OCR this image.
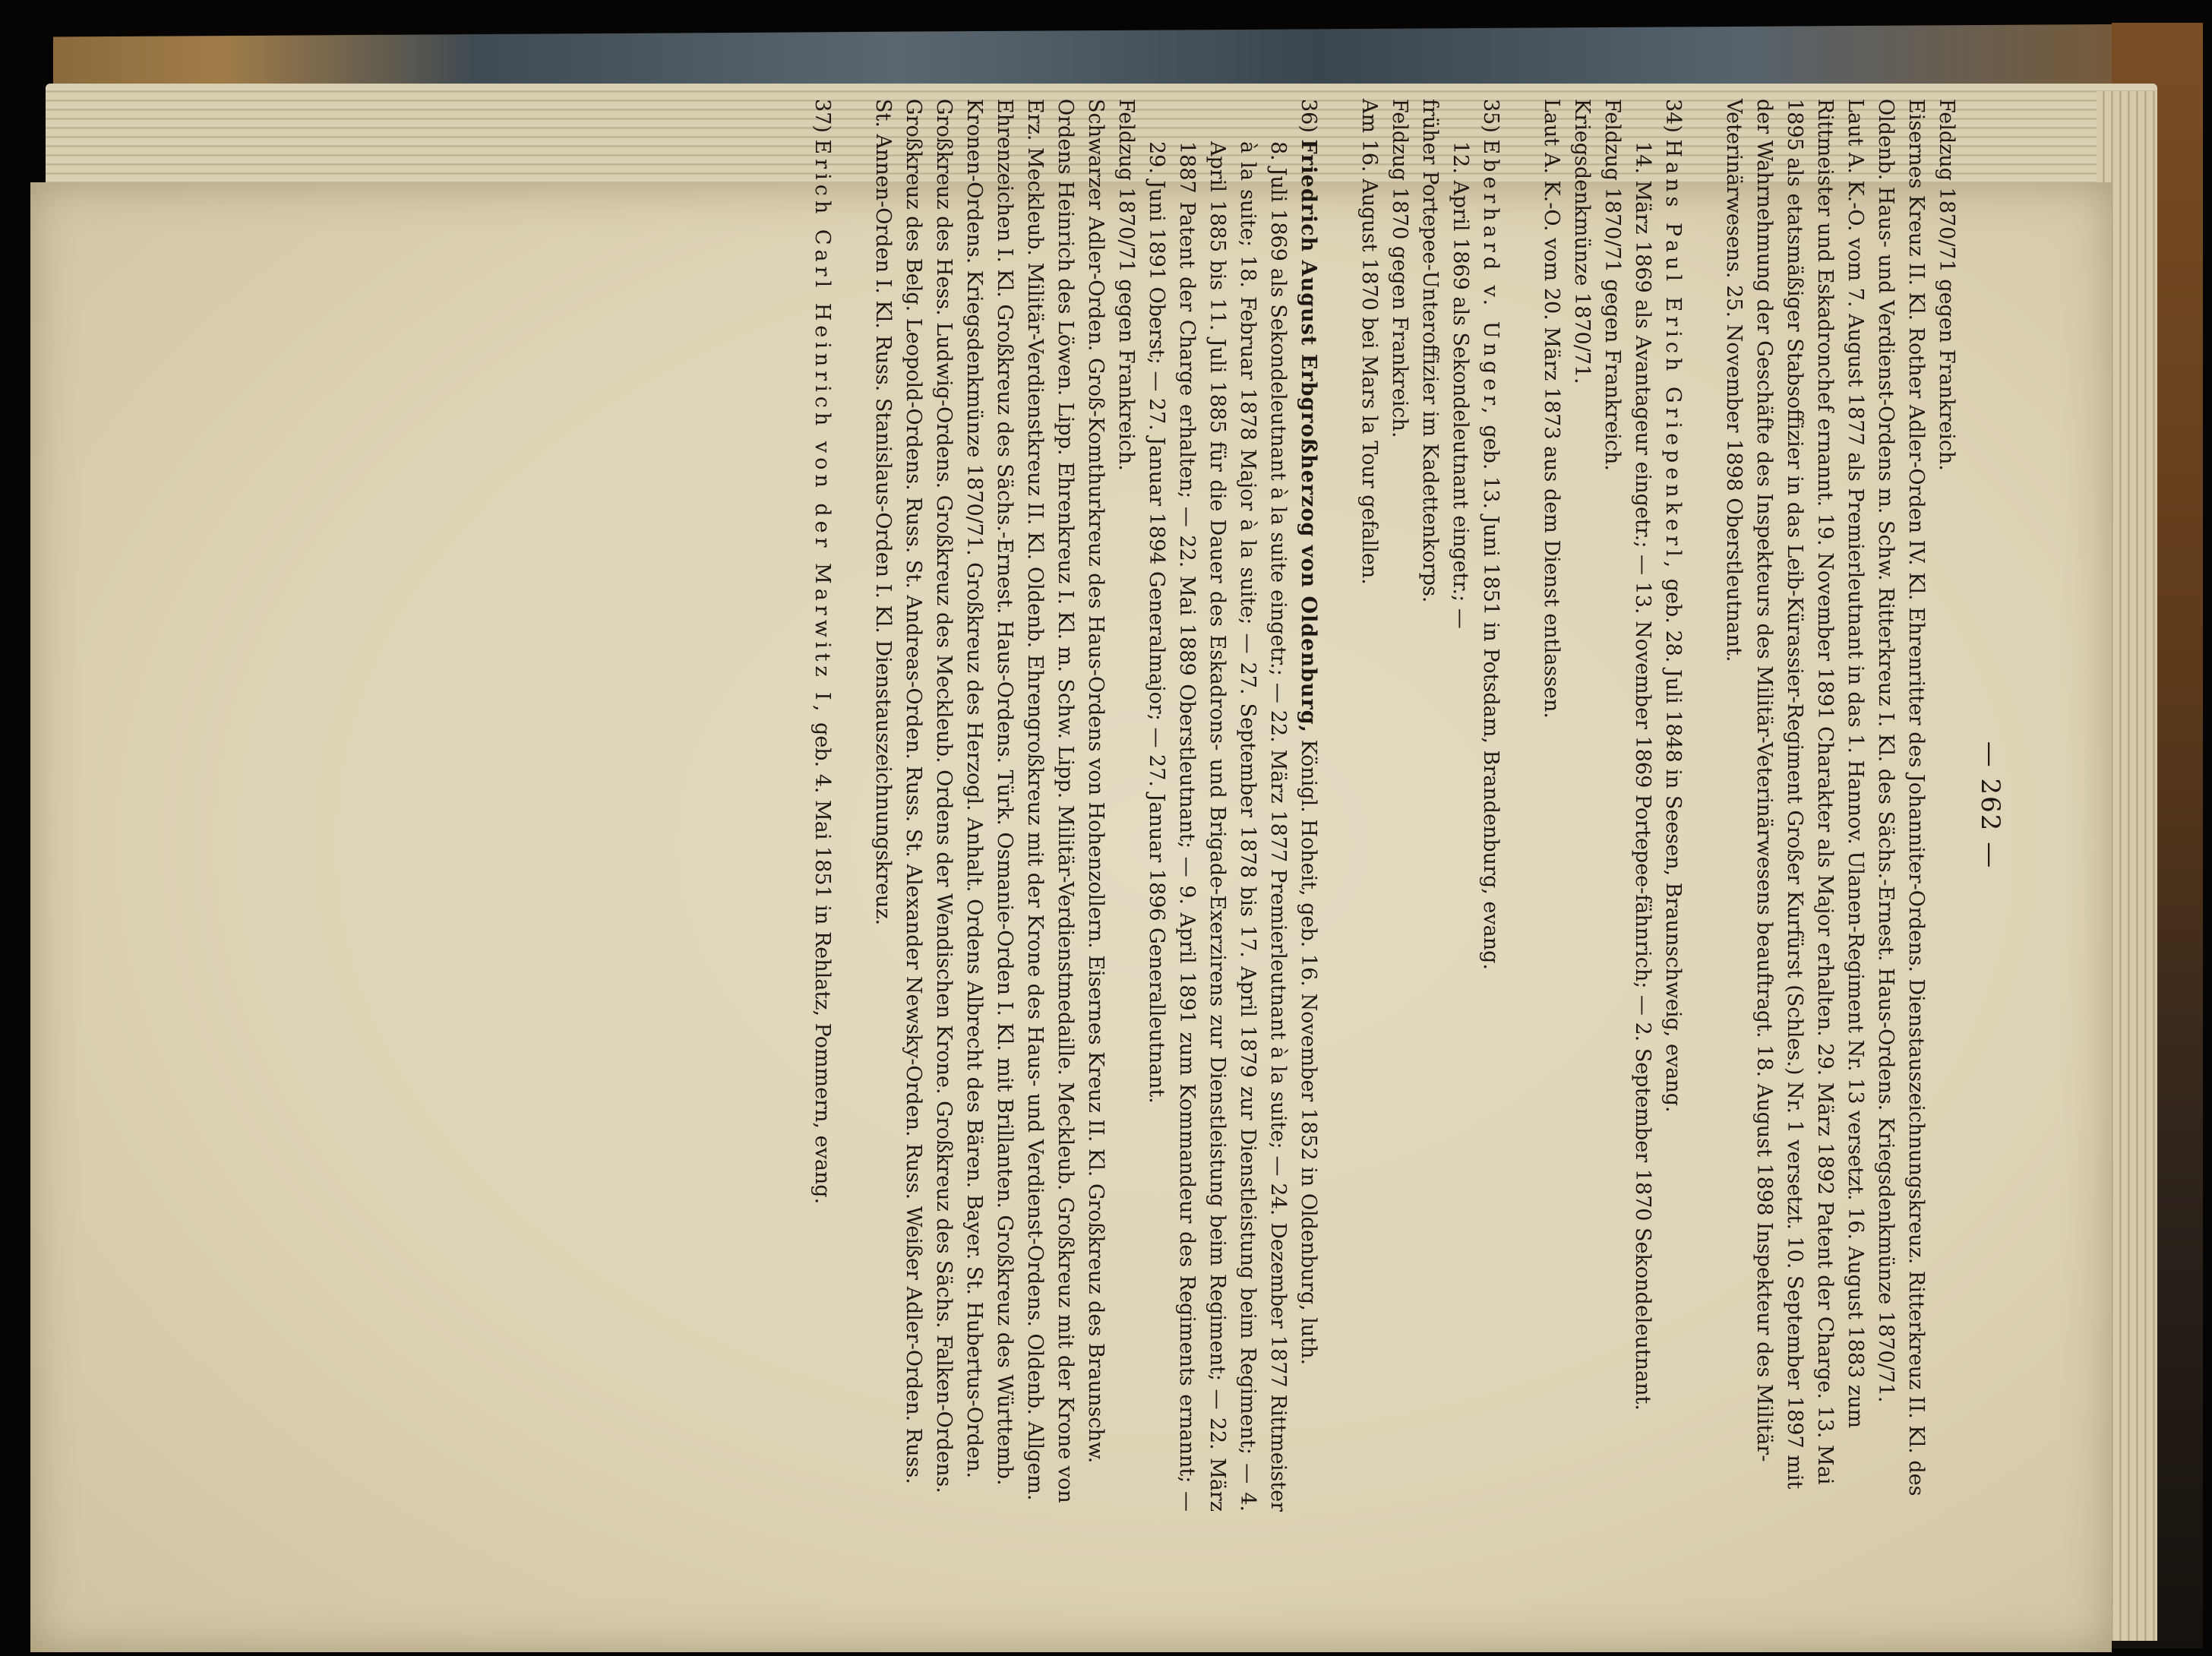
— 262 —

Feldzug 1870/71 gegen Frankreich.

Eisernes Kreuz II. Kl. Rother Adler-Orden IV. Kl. Ehrenritter des Johanniter-Ordens. Dienstauszeichnungskreuz. Ritterkreuz II. Kl. des Oldenb. Haus- und Verdienst-Ordens m. Schw. Ritterkreuz I. Kl. des Sächs.-Ernest. Haus-Ordens. Kriegsdenkmünze 1870/71.

Laut A. K.-O. vom 7. August 1877 als Premierleutnant in das 1. Hannov. Ulanen-Regiment Nr. 13 versetzt. 16. August 1883 zum Rittmeister und Eskadronchef ernannt. 19. November 1891 Charakter als Major erhalten. 29. März 1892 Patent der Charge. 13. Mai 1895 als etatsmäßiger Stabsoffizier in das Leib-Kürassier-Regiment Großer Kurfürst (Schles.) Nr. 1 versetzt. 10. September 1897 mit der Wahrnehmung der Geschäfte des Inspekteurs des Militär-Veterinärwesens beauftragt. 18. August 1898 Inspekteur des Militär-Veterinärwesens. 25. November 1898 Oberstleutnant.

34) Hans Paul Erich Griepenkerl, geb. 28. Juli 1848 in Seesen, Braunschweig, evang.

14. März 1869 als Avantageur eingetr.; — 13. November 1869 Portepee-fähnrich; — 2. September 1870 Sekondeleutnant.

Feldzug 1870/71 gegen Frankreich.

Kriegsdenkmünze 1870/71.

Laut A. K.-O. vom 20. März 1873 aus dem Dienst entlassen.

35) Eberhard v. Unger, geb. 13. Juni 1851 in Potsdam, Brandenburg, evang.

12. April 1869 als Sekondeleutnant eingetr.; —

früher Portepee-Unteroffizier im Kadettenkorps.

Feldzug 1870 gegen Frankreich.

Am 16. August 1870 bei Mars la Tour gefallen.

36) Friedrich August Erbgroßherzog von Oldenburg, Königl. Hoheit, geb. 16. November 1852 in Oldenburg, luth.

8. Juli 1869 als Sekondeleutnant à la suite eingetr.; — 22. März 1877 Premierleutnant à la suite; — 24. Dezember 1877 Rittmeister à la suite; 18. Februar 1878 Major à la suite; — 27. September 1878 bis 17. April 1879 zur Dienstleistung beim Regiment; — 4. April 1885 bis 11. Juli 1885 für die Dauer des Eskadrons- und Brigade-Exerzirens zur Dienstleistung beim Regiment; — 22. März 1887 Patent der Charge erhalten; — 22. Mai 1889 Oberstleutnant; — 9. April 1891 zum Kommandeur des Regiments ernannt; — 29. Juni 1891 Oberst; — 27. Januar 1894 Generalmajor; — 27. Januar 1896 Generalleutnant.

Feldzug 1870/71 gegen Frankreich.

Schwarzer Adler-Orden. Groß-Komthurkreuz des Haus-Ordens von Hohenzollern. Eisernes Kreuz II. Kl. Großkreuz des Braunschw. Ordens Heinrich des Löwen. Lipp. Ehrenkreuz I. Kl. m. Schw. Lipp. Militär-Verdienstmedaille. Meckleub. Großkreuz mit der Krone von Erz. Meckleub. Militär-Verdienstkreuz II. Kl. Oldenb. Ehrengroßkreuz mit der Krone des Haus- und Verdienst-Ordens. Oldenb. Allgem. Ehrenzeichen I. Kl. Großkreuz des Sächs.-Ernest. Haus-Ordens. Türk. Osmanie-Orden I. Kl. mit Brillanten. Großkreuz des Württemb. Kronen-Ordens. Kriegsdenkmünze 1870/71. Großkreuz des Herzogl. Anhalt. Ordens Albrecht des Bären. Bayer. St. Hubertus-Orden. Großkreuz des Hess. Ludwig-Ordens. Großkreuz des Meckleub. Ordens der Wendischen Krone. Großkreuz des Sächs. Falken-Ordens. Großkreuz des Belg. Leopold-Ordens. Russ. St. Andreas-Orden. Russ. St. Alexander Newsky-Orden. Russ. Weißer Adler-Orden. Russ. St. Annen-Orden I. Kl. Russ. Stanislaus-Orden I. Kl. Dienstauszeichnungskreuz.

37) Erich Carl Heinrich von der Marwitz I, geb. 4. Mai 1851 in Rehlatz, Pommern, evang.
